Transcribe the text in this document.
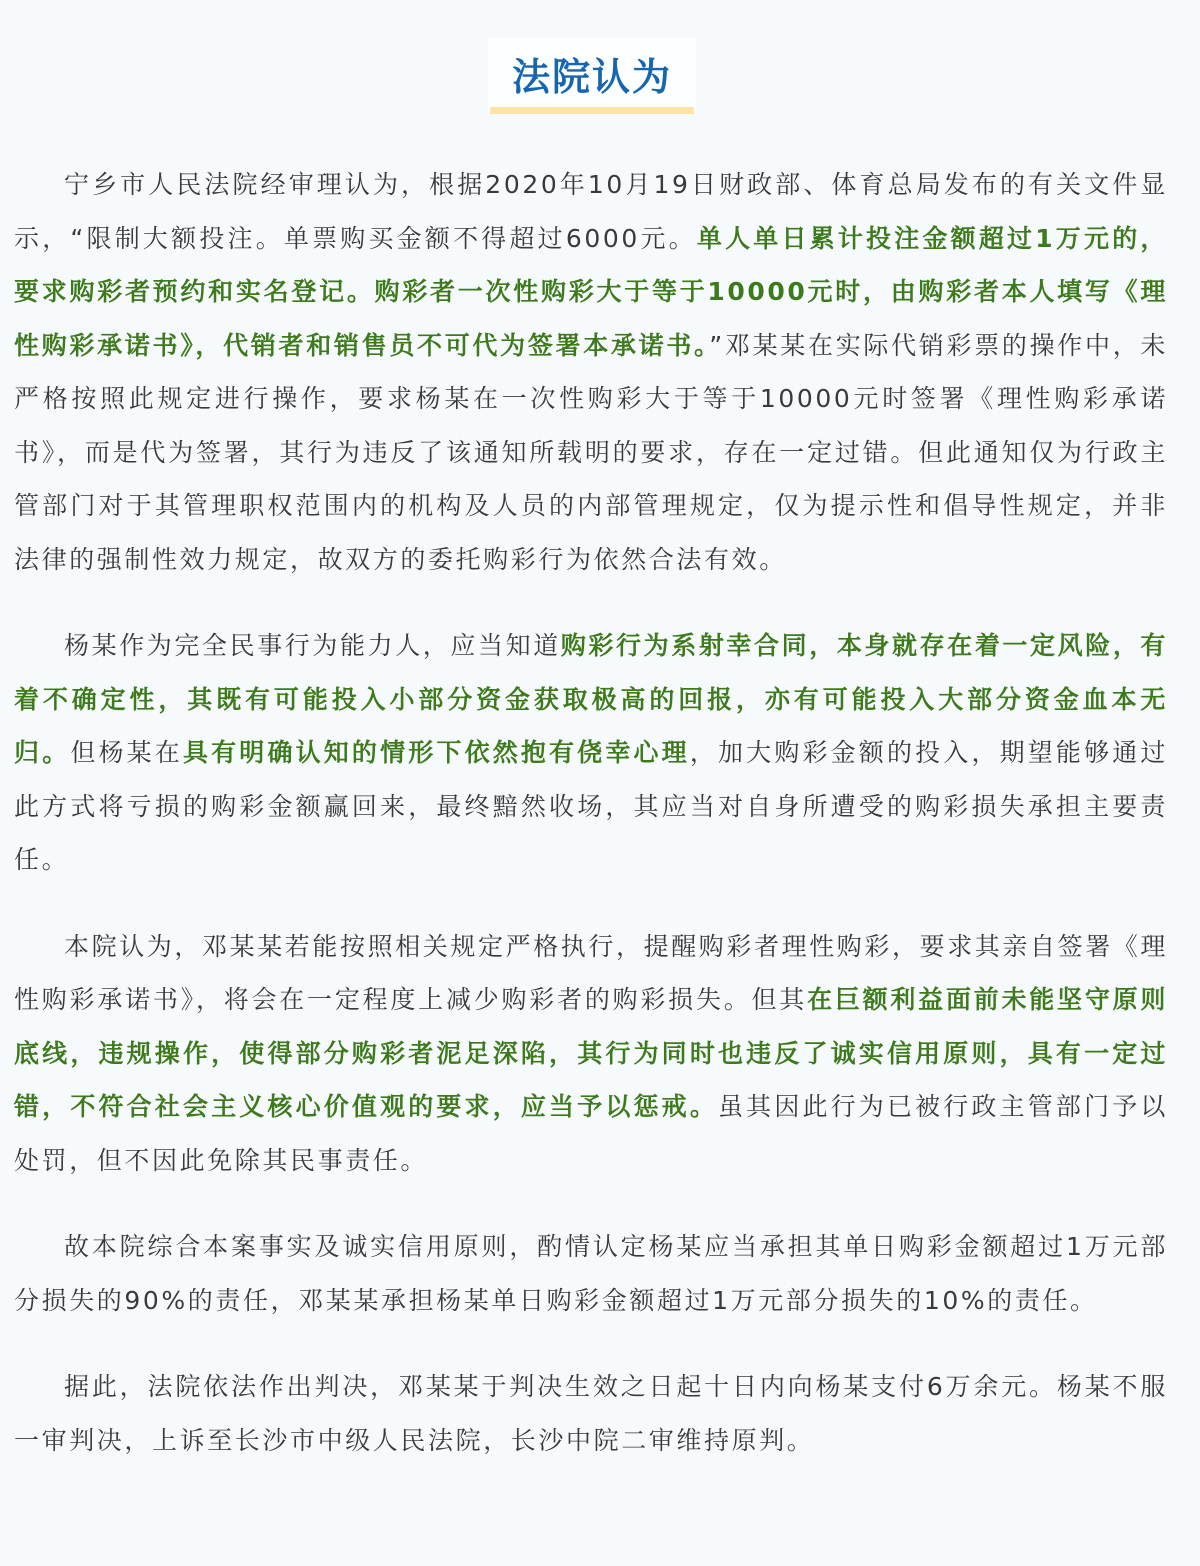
法院认为

宁乡市人民法院经审理认为，根据2020年10月19日财政部、体育总局发布的有关文件显示，“限制大额投注。单票购买金额不得超过6000元。单人单日累计投注金额超过1万元的，要求购彩者预约和实名登记。购彩者一次性购彩大于等于10000元时，由购彩者本人填写《理性购彩承诺书》，代销者和销售员不可代为签署本承诺书。”邓某某在实际代销彩票的操作中，未严格按照此规定进行操作，要求杨某在一次性购彩大于等于10000元时签署《理性购彩承诺书》，而是代为签署，其行为违反了该通知所载明的要求，存在一定过错。但此通知仅为行政主管部门对于其管理职权范围内的机构及人员的内部管理规定，仅为提示性和倡导性规定，并非法律的强制性效力规定，故双方的委托购彩行为依然合法有效。

杨某作为完全民事行为能力人，应当知道购彩行为系射幸合同，本身就存在着一定风险，有着不确定性，其既有可能投入小部分资金获取极高的回报，亦有可能投入大部分资金血本无归。但杨某在具有明确认知的情形下依然抱有侥幸心理，加大购彩金额的投入，期望能够通过此方式将亏损的购彩金额赢回来，最终黯然收场，其应当对自身所遭受的购彩损失承担主要责任。

本院认为，邓某某若能按照相关规定严格执行，提醒购彩者理性购彩，要求其亲自签署《理性购彩承诺书》，将会在一定程度上减少购彩者的购彩损失。但其在巨额利益面前未能坚守原则底线，违规操作，使得部分购彩者泥足深陷，其行为同时也违反了诚实信用原则，具有一定过错，不符合社会主义核心价值观的要求，应当予以惩戒。虽其因此行为已被行政主管部门予以处罚，但不因此免除其民事责任。

故本院综合本案事实及诚实信用原则，酌情认定杨某应当承担其单日购彩金额超过1万元部分损失的90%的责任，邓某某承担杨某单日购彩金额超过1万元部分损失的10%的责任。

据此，法院依法作出判决，邓某某于判决生效之日起十日内向杨某支付6万余元。杨某不服一审判决，上诉至长沙市中级人民法院，长沙中院二审维持原判。
